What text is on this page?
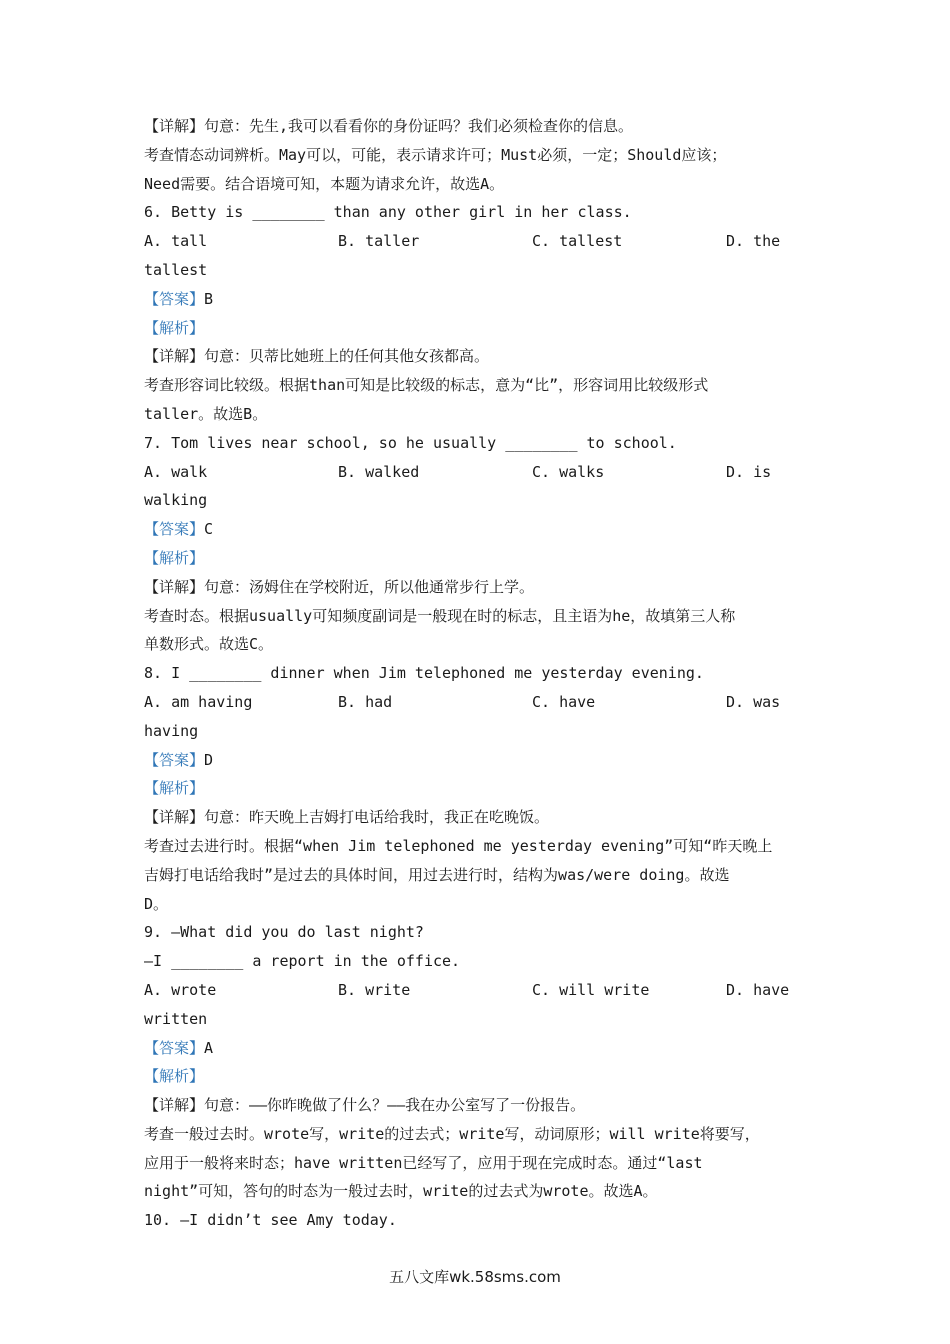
【详解】句意：先生,我可以看看你的身份证吗？我们必须检查你的信息。
考查情态动词辨析。May可以，可能，表示请求许可；Must必须，一定；Should应该；
Need需要。结合语境可知，本题为请求允许，故选A。
6. Betty is ________ than any other girl in her class.
A. tall	B. taller	C. tallest	D. the
tallest
【答案】B
【解析】
【详解】句意：贝蒂比她班上的任何其他女孩都高。
考查形容词比较级。根据than可知是比较级的标志，意为“比”，形容词用比较级形式
taller。故选B。
7. Tom lives near school, so he usually ________ to school.
A. walk	B. walked	C. walks	D. is
walking
【答案】C
【解析】
【详解】句意：汤姆住在学校附近，所以他通常步行上学。
考查时态。根据usually可知频度副词是一般现在时的标志，且主语为he，故填第三人称
单数形式。故选C。
8. I ________ dinner when Jim telephoned me yesterday evening.
A. am having	B. had	C. have	D. was
having
【答案】D
【解析】
【详解】句意：昨天晚上吉姆打电话给我时，我正在吃晚饭。
考查过去进行时。根据“when Jim telephoned me yesterday evening”可知“昨天晚上
吉姆打电话给我时”是过去的具体时间，用过去进行时，结构为was/were doing。故选
D。
9. —What did you do last night?
—I ________ a report in the office.
A. wrote	B. write	C. will write	D. have
written
【答案】A
【解析】
【详解】句意：——你昨晚做了什么？——我在办公室写了一份报告。
考查一般过去时。wrote写，write的过去式；write写，动词原形；will write将要写，
应用于一般将来时态；have written已经写了，应用于现在完成时态。通过“last
night”可知，答句的时态为一般过去时，write的过去式为wrote。故选A。
10. —I didn’t see Amy today.
五八文库wk.58sms.com
